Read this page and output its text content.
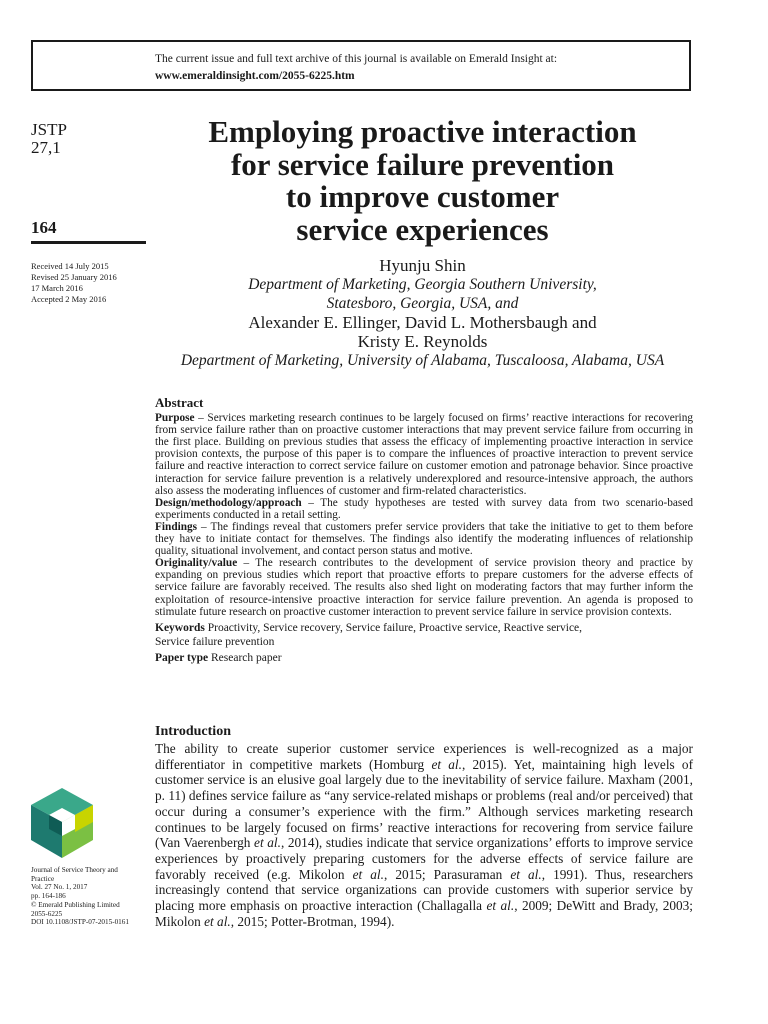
The current issue and full text archive of this journal is available on Emerald Insight at:
www.emeraldinsight.com/2055-6225.htm
JSTP
27,1
164
Received 14 July 2015
Revised 25 January 2016
17 March 2016
Accepted 2 May 2016
Employing proactive interaction
for service failure prevention
to improve customer
service experiences
Hyunju Shin
Department of Marketing, Georgia Southern University,
Statesboro, Georgia, USA, and
Alexander E. Ellinger, David L. Mothersbaugh and
Kristy E. Reynolds
Department of Marketing, University of Alabama, Tuscaloosa, Alabama, USA
Abstract

Purpose – Services marketing research continues to be largely focused on firms’ reactive interactions for recovering from service failure rather than on proactive customer interactions that may prevent service failure from occurring in the first place. Building on previous studies that assess the efficacy of implementing proactive interaction in service provision contexts, the purpose of this paper is to compare the influences of proactive interaction to prevent service failure and reactive interaction to correct service failure on customer emotion and patronage behavior. Since proactive interaction for service failure prevention is a relatively underexplored and resource-intensive approach, the authors also assess the moderating influences of customer and firm-related characteristics.

Design/methodology/approach – The study hypotheses are tested with survey data from two scenario-based experiments conducted in a retail setting.

Findings – The findings reveal that customers prefer service providers that take the initiative to get to them before they have to initiate contact for themselves. The findings also identify the moderating influences of relationship quality, situational involvement, and contact person status and motive.

Originality/value – The research contributes to the development of service provision theory and practice by expanding on previous studies which report that proactive efforts to prepare customers for the adverse effects of service failure are favorably received. The results also shed light on moderating factors that may further inform the exploitation of resource-intensive proactive interaction for service failure prevention. An agenda is proposed to stimulate future research on proactive customer interaction to prevent service failure in service provision contexts.

Keywords Proactivity, Service recovery, Service failure, Proactive service, Reactive service,
Service failure prevention
Paper type Research paper
Introduction

The ability to create superior customer service experiences is well-recognized as a major differentiator in competitive markets (Homburg et al., 2015). Yet, maintaining high levels of customer service is an elusive goal largely due to the inevitability of service failure. Maxham (2001, p. 11) defines service failure as “any service-related mishaps or problems (real and/or perceived) that occur during a consumer’s experience with the firm.” Although services marketing research continues to be largely focused on firms’ reactive interactions for recovering from service failure (Van Vaerenbergh et al., 2014), studies indicate that service organizations’ efforts to improve service experiences by proactively preparing customers for the adverse effects of service failure are favorably received (e.g. Mikolon et al., 2015; Parasuraman et al., 1991). Thus, researchers increasingly contend that service organizations can provide customers with superior service by placing more emphasis on proactive interaction (Challagalla et al., 2009; DeWitt and Brady, 2003; Mikolon et al., 2015; Potter-Brotman, 1994).

Journal of Service Theory and Practice
Vol. 27 No. 1, 2017
pp. 164-186
© Emerald Publishing Limited
2055-6225
DOI 10.1108/JSTP-07-2015-0161
